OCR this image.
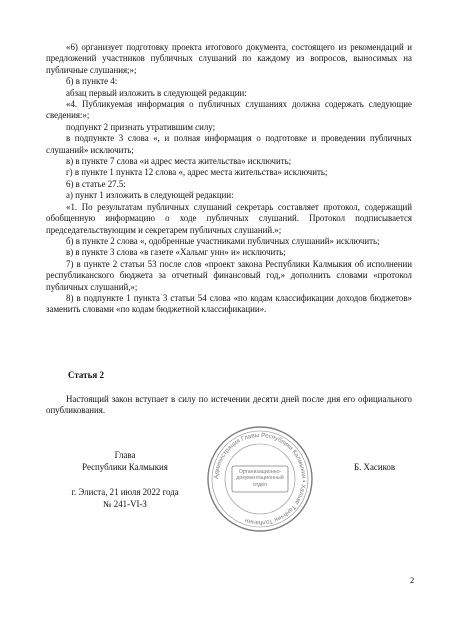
«6) организует подготовку проекта итогового документа, состоящего из рекомендаций и предложений участников публичных слушаний по каждому из вопросов, выносимых на публичные слушания;»;

б) в пункте 4:

абзац первый изложить в следующей редакции:

«4. Публикуемая информация о публичных слушаниях должна содержать следующие сведения:»;

подпункт 2 признать утратившим силу;

в подпункте 3 слова «, и полная информация о подготовке и проведении публичных слушаний» исключить;

в) в пункте 7 слова «и адрес места жительства» исключить;

г) в пункте 1 пункта 12 слова «, адрес места жительства» исключить;

6) в статье 27.5:

а) пункт 1 изложить в следующей редакции:

«1. По результатам публичных слушаний секретарь составляет протокол, содержащий обобщенную информацию о ходе публичных слушаний. Протокол подписывается председательствующим и секретарем публичных слушаний.»;

б) в пункте 2 слова «, одобренные участниками публичных слушаний» исключить;

в) в пункте 3 слова «в газете «Хальмг унн» и» исключить;

7) в пункте 2 статьи 53 после слов «проект закона Республики Калмыкия об исполнении республиканского бюджета за отчетный финансовый год,» дополнить словами «протокол публичных слушаний,»;

8) в подпункте 1 пункта 3 статьи 54 слова «по кодам классификации доходов бюджетов» заменить словами «по кодам бюджетной классификации».

Статья 2

Настоящий закон вступает в силу по истечении десяти дней после дня его официального опубликования.

Глава
Республики Калмыкия
г. Элиста, 21 июля 2022 года
№ 241-VI-З
Администрация Главы Республики Калмыкия • Хальмг Танһчин Толһачин
Организационно-документационный отдел
Б. Хасиков
2
